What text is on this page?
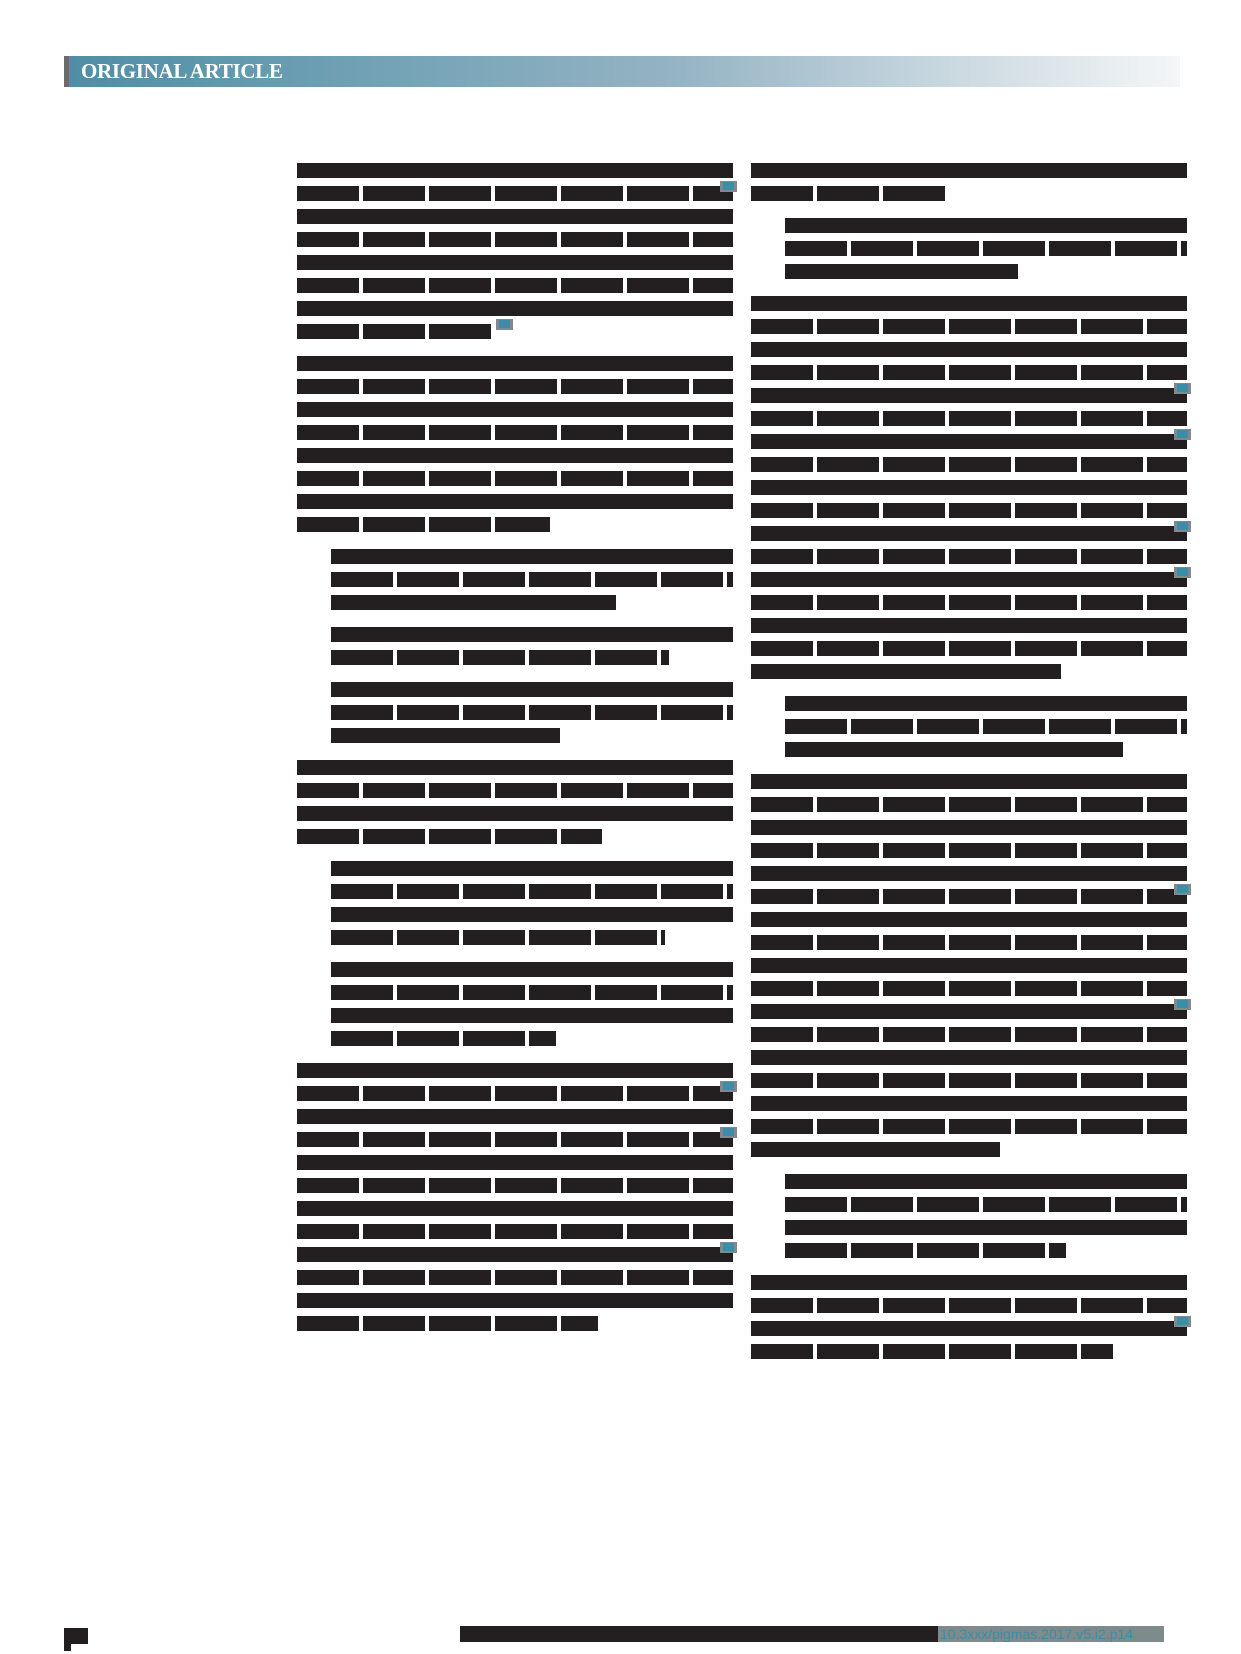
ORIGINAL ARTICLE
10.3xxx/pigmas.2017.v5.i2.p14
